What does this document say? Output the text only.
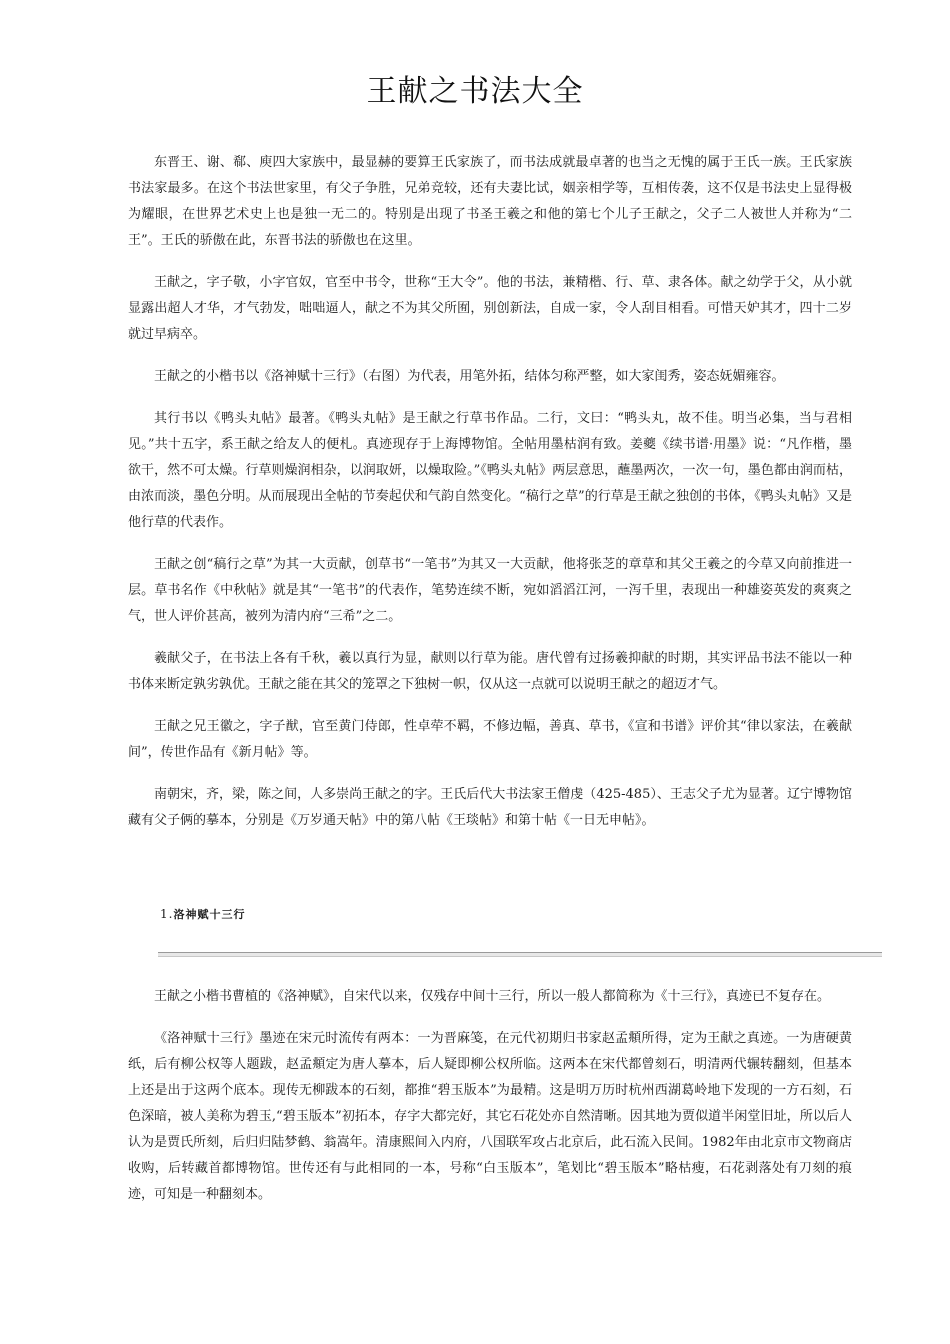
王献之书法大全

东晋王、谢、郗、庾四大家族中，最显赫的要算王氏家族了，而书法成就最卓著的也当之无愧的属于王氏一族。王氏家族书法家最多。在这个书法世家里，有父子争胜，兄弟竞较，还有夫妻比试，姻亲相学等，互相传袭，这不仅是书法史上显得极为耀眼，在世界艺术史上也是独一无二的。特别是出现了书圣王羲之和他的第七个儿子王献之，父子二人被世人并称为“二王”。王氏的骄傲在此，东晋书法的骄傲也在这里。

王献之，字子敬，小字官奴，官至中书令，世称“王大令”。他的书法，兼精楷、行、草、隶各体。献之幼学于父，从小就显露出超人才华，才气勃发，咄咄逼人，献之不为其父所囿，别创新法，自成一家，令人刮目相看。可惜天妒其才，四十二岁就过早病卒。

王献之的小楷书以《洛神赋十三行》（右图）为代表，用笔外拓，结体匀称严整，如大家闺秀，姿态妩媚雍容。

其行书以《鸭头丸帖》最著。《鸭头丸帖》是王献之行草书作品。二行，文曰：“鸭头丸，故不佳。明当必集，当与君相见。”共十五字，系王献之给友人的便札。真迹现存于上海博物馆。全帖用墨枯润有致。姜夔《续书谱·用墨》说：“凡作楷，墨欲干，然不可太燥。行草则燥润相杂，以润取妍，以燥取险。”《鸭头丸帖》两层意思，蘸墨两次，一次一句，墨色都由润而枯，由浓而淡，墨色分明。从而展现出全帖的节奏起伏和气韵自然变化。“稿行之草”的行草是王献之独创的书体，《鸭头丸帖》又是他行草的代表作。

王献之创“稿行之草”为其一大贡献，创草书“一笔书”为其又一大贡献，他将张芝的章草和其父王羲之的今草又向前推进一层。草书名作《中秋帖》就是其“一笔书”的代表作，笔势连续不断，宛如滔滔江河，一泻千里，表现出一种雄姿英发的爽爽之气，世人评价甚高，被列为清内府“三希”之二。

羲献父子，在书法上各有千秋，羲以真行为显，献则以行草为能。唐代曾有过扬羲抑献的时期，其实评品书法不能以一种书体来断定孰劣孰优。王献之能在其父的笼罩之下独树一帜，仅从这一点就可以说明王献之的超迈才气。

王献之兄王徽之，字子猷，官至黄门侍郎，性卓荦不羁，不修边幅，善真、草书，《宣和书谱》评价其“律以家法，在羲献间”，传世作品有《新月帖》等。

南朝宋，齐，梁，陈之间，人多崇尚王献之的字。王氏后代大书法家王僧虔（425-485）、王志父子尤为显著。辽宁博物馆藏有父子俩的摹本，分别是《万岁通天帖》中的第八帖《王琰帖》和第十帖《一日无申帖》。

1.洛神赋十三行

王献之小楷书曹植的《洛神赋》，自宋代以来，仅残存中间十三行，所以一般人都简称为《十三行》，真迹已不复存在。

《洛神赋十三行》墨迹在宋元时流传有两本：一为晋麻笺，在元代初期归书家赵孟頫所得，定为王献之真迹。一为唐硬黄纸，后有柳公权等人题跋，赵孟頫定为唐人摹本，后人疑即柳公权所临。这两本在宋代都曾刻石，明清两代辗转翻刻，但基本上还是出于这两个底本。现传无柳跋本的石刻，都推“碧玉版本”为最精。这是明万历时杭州西湖葛岭地下发现的一方石刻，石色深暗，被人美称为碧玉,“碧玉版本”初拓本，存字大都完好，其它石花处亦自然清晰。因其地为贾似道半闲堂旧址，所以后人认为是贾氏所刻，后归归陆梦鹤、翁嵩年。清康熙间入内府，八国联军攻占北京后，此石流入民间。1982年由北京市文物商店收购，后转藏首都博物馆。世传还有与此相同的一本，号称“白玉版本”，笔划比“碧玉版本”略枯瘦，石花剥落处有刀刻的痕迹，可知是一种翻刻本。
